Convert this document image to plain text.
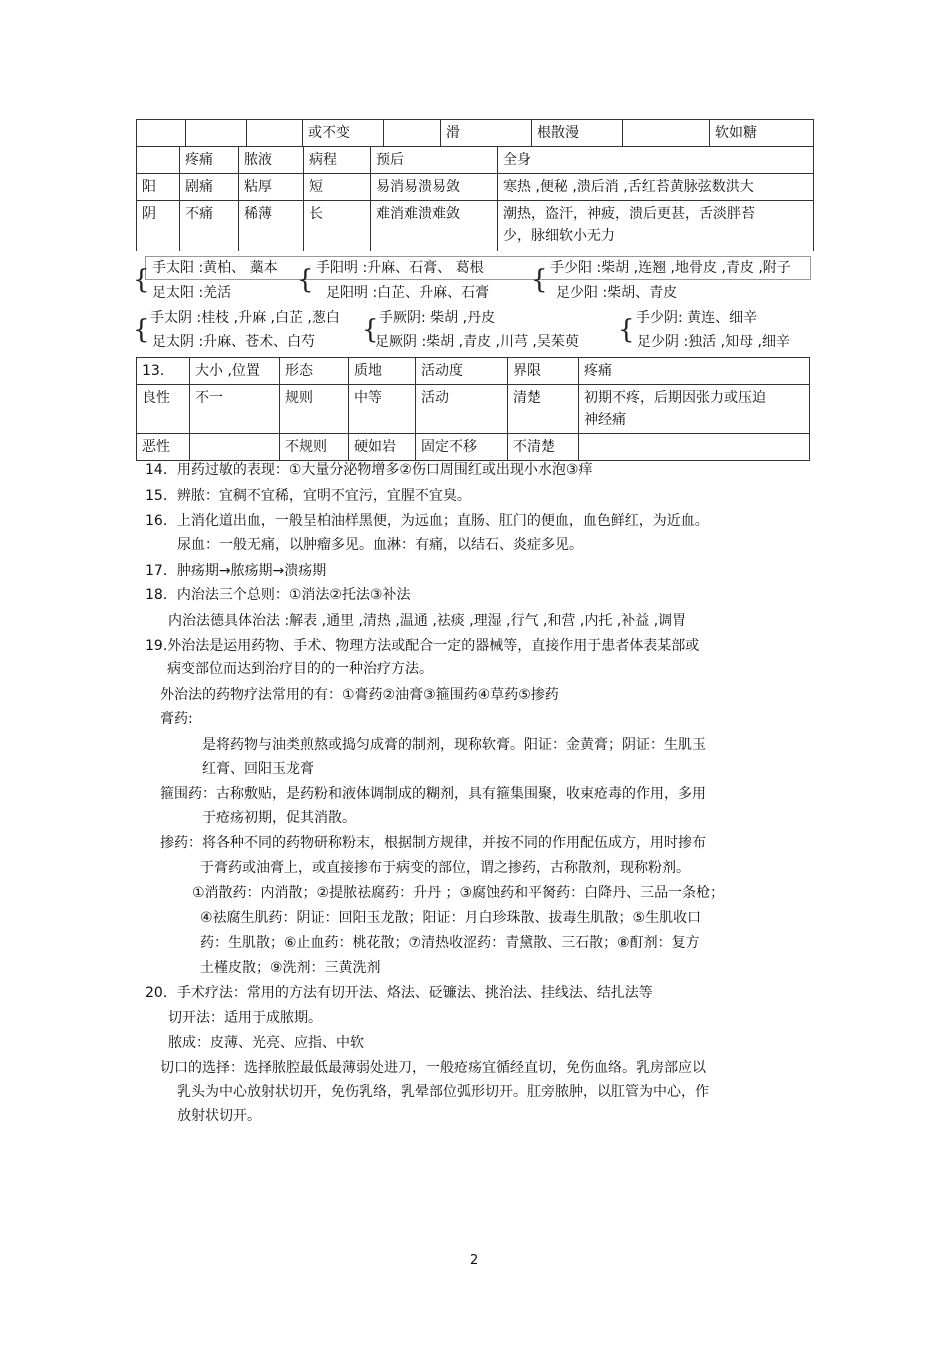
			或不变		滑	根散漫		软如糖
	疼痛	脓液	病程	预后	全身
阳	剧痛	粘厚	短	易消易溃易敛	寒热 ,便秘 ,溃后消 ,舌红苔黄脉弦数洪大
阴	不痛	稀薄	长	难消难溃难敛	潮热，盗汗，神疲，溃后更甚，舌淡胖苔
少，脉细软小无力
{ 手太阳 :黄柏、 藁本
足太阳 :羌活	{ 手阳明 :升麻、石膏、 葛根
足阳明 :白芷、升麻、石膏 { 手少阳 :柴胡 ,连翘 ,地骨皮 ,青皮 ,附子
足少阳 :柴胡、青皮
{ 手太阴 :桂枝 ,升麻 ,白芷 ,葱白
足太阴 :升麻、苍术、白芍 { 手厥阴: 柴胡 ,丹皮
足厥阴 :柴胡 ,青皮 ,川芎 ,吴茱萸 { 手少阴: 黄连、细辛
足少阴 :独活 ,知母 ,细辛
13.	大小 ,位置	形态	质地	活动度	界限	疼痛
良性	不一	规则	中等	活动	清楚	初期不疼，后期因张力或压迫
神经痛

恶性		不规则	硬如岩	固定不移	不清楚	
14．用药过敏的表现：①大量分泌物增多②伤口周围红或出现小水泡③痒
15．辨脓：宜稠不宜稀，宜明不宜污，宜腥不宜臭。
16．上消化道出血，一般呈柏油样黑便，为远血；直肠、肛门的便血，血色鲜红，为近血。
尿血：一般无痛，以肿瘤多见。血淋：有痛，以结石、炎症多见。
17．肿疡期→脓疡期→溃疡期
18．内治法三个总则：①消法②托法③补法
内治法德具体治法 :解表 ,通里 ,清热 ,温通 ,祛痰 ,理湿 ,行气 ,和营 ,内托 ,补益 ,调胃
19.外治法是运用药物、手术、物理方法或配合一定的器械等，直接作用于患者体表某部或
病变部位而达到治疗目的的一种治疗方法。
外治法的药物疗法常用的有：①膏药②油膏③箍围药④草药⑤掺药
膏药:
是将药物与油类煎熬或捣匀成膏的制剂，现称软膏。阳证：金黄膏；阴证：生肌玉
红膏、回阳玉龙膏
箍围药：古称敷贴，是药粉和液体调制成的糊剂，具有箍集围聚，收束疮毒的作用，多用
于疮疡初期，促其消散。
掺药：将各种不同的药物研称粉末，根据制方规律，并按不同的作用配伍成方，用时掺布
于膏药或油膏上，或直接掺布于病变的部位，谓之掺药，古称散剂，现称粉剂。
①消散药：内消散；②提脓祛腐药：升丹 ；③腐蚀药和平胬药：白降丹、三品一条枪；
④祛腐生肌药：阴证：回阳玉龙散；阳证：月白珍珠散、拔毒生肌散；⑤生肌收口
药：生肌散；⑥止血药：桃花散；⑦清热收涩药：青黛散、三石散；⑧酊剂：复方
土槿皮散；⑨洗剂：三黄洗剂
20．手术疗法：常用的方法有切开法、烙法、砭镰法、挑治法、挂线法、结扎法等
切开法：适用于成脓期。
脓成：皮薄、光亮、应指、中软
切口的选择：选择脓腔最低最薄弱处进刀，一般疮疡宜循经直切，免伤血络。乳房部应以
乳头为中心放射状切开，免伤乳络，乳晕部位弧形切开。肛旁脓肿，以肛管为中心，作
放射状切开。
2
